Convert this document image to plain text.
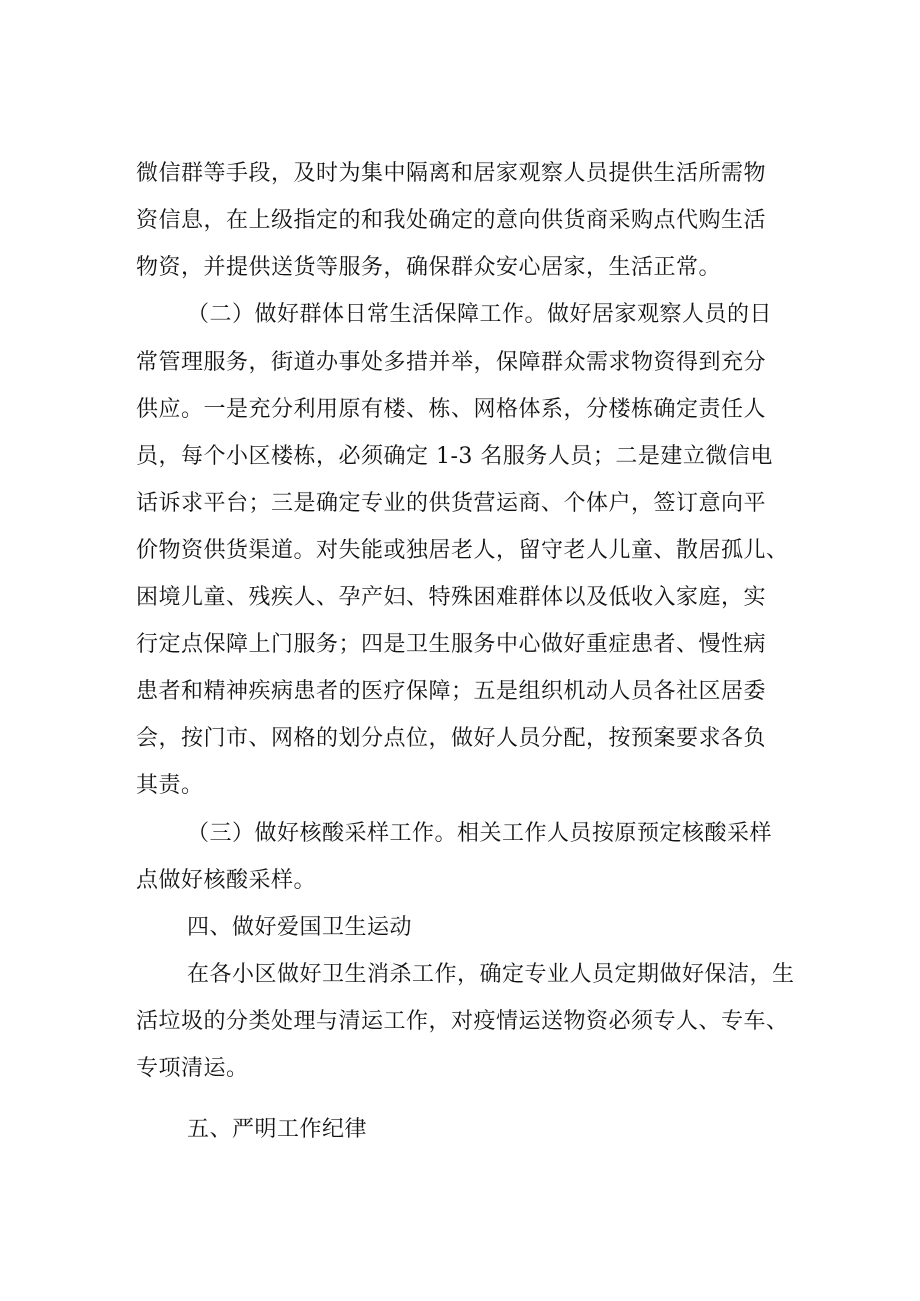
微信群等手段，及时为集中隔离和居家观察人员提供生活所需物
资信息，在上级指定的和我处确定的意向供货商采购点代购生活
物资，并提供送货等服务，确保群众安心居家，生活正常。
（二）做好群体日常生活保障工作。做好居家观察人员的日
常管理服务，街道办事处多措并举，保障群众需求物资得到充分
供应。一是充分利用原有楼、栋、网格体系，分楼栋确定责任人
员，每个小区楼栋，必须确定 1-3 名服务人员；二是建立微信电
话诉求平台；三是确定专业的供货营运商、个体户，签订意向平
价物资供货渠道。对失能或独居老人，留守老人儿童、散居孤儿、
困境儿童、残疾人、孕产妇、特殊困难群体以及低收入家庭，实
行定点保障上门服务；四是卫生服务中心做好重症患者、慢性病
患者和精神疾病患者的医疗保障；五是组织机动人员各社区居委
会，按门市、网格的划分点位，做好人员分配，按预案要求各负
其责。
（三）做好核酸采样工作。相关工作人员按原预定核酸采样
点做好核酸采样。
四、做好爱国卫生运动
在各小区做好卫生消杀工作，确定专业人员定期做好保洁，生
活垃圾的分类处理与清运工作，对疫情运送物资必须专人、专车、
专项清运。
五、严明工作纪律
